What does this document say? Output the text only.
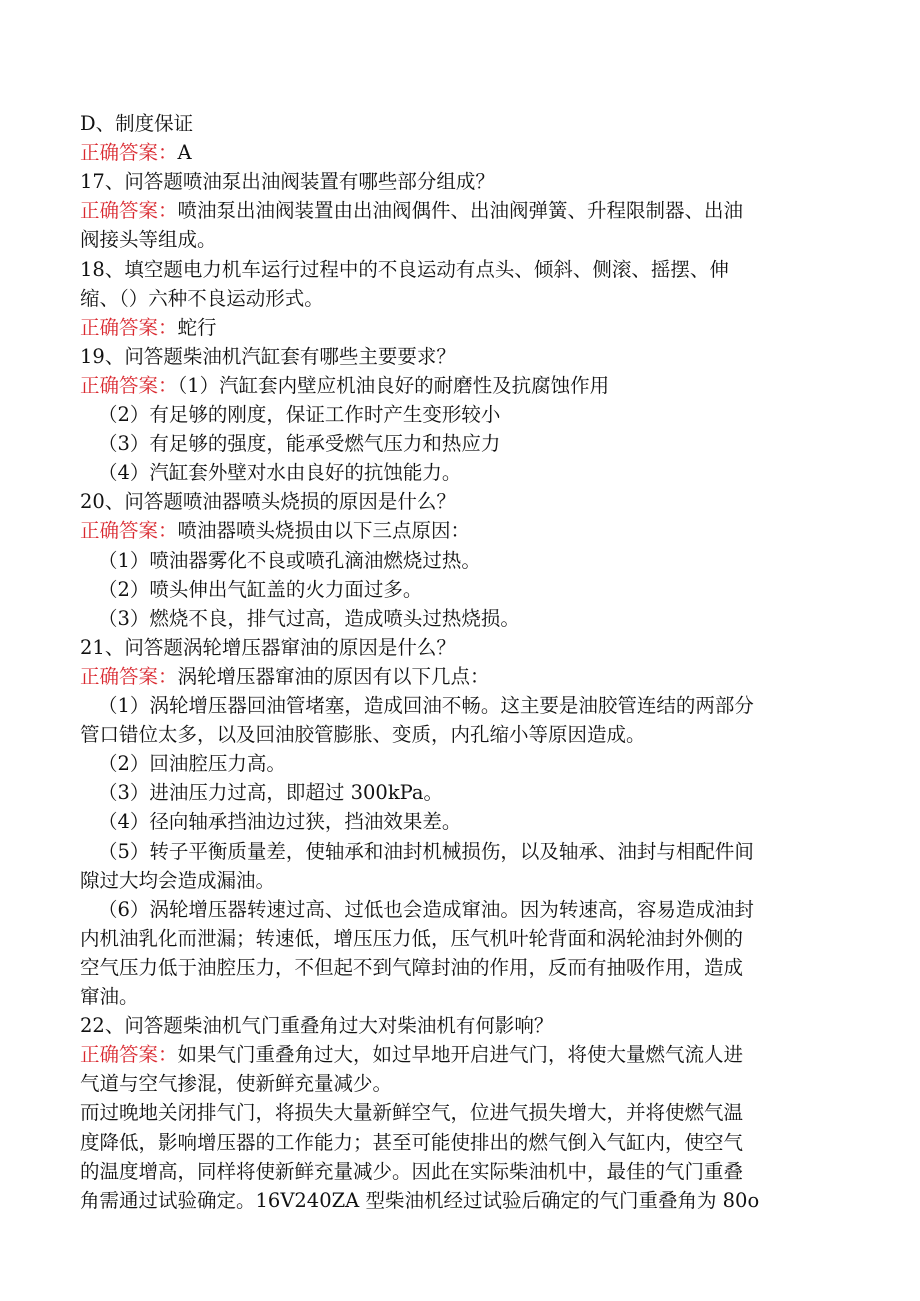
D、制度保证
正确答案：A
17、问答题喷油泵出油阀装置有哪些部分组成？
正确答案：喷油泵出油阀装置由出油阀偶件、出油阀弹簧、升程限制器、出油
阀接头等组成。
18、填空题电力机车运行过程中的不良运动有点头、倾斜、侧滚、摇摆、伸
缩、（）六种不良运动形式。
正确答案：蛇行
19、问答题柴油机汽缸套有哪些主要要求？
正确答案：（1）汽缸套内壁应机油良好的耐磨性及抗腐蚀作用
（2）有足够的刚度，保证工作时产生变形较小
（3）有足够的强度，能承受燃气压力和热应力
（4）汽缸套外壁对水由良好的抗蚀能力。
20、问答题喷油器喷头烧损的原因是什么？
正确答案：喷油器喷头烧损由以下三点原因：
（1）喷油器雾化不良或喷孔滴油燃烧过热。
（2）喷头伸出气缸盖的火力面过多。
（3）燃烧不良，排气过高，造成喷头过热烧损。
21、问答题涡轮增压器窜油的原因是什么？
正确答案：涡轮增压器窜油的原因有以下几点：
（1）涡轮增压器回油管堵塞，造成回油不畅。这主要是油胶管连结的两部分
管口错位太多，以及回油胶管膨胀、变质，内孔缩小等原因造成。
（2）回油腔压力高。
（3）进油压力过高，即超过 300kPa。
（4）径向轴承挡油边过狭，挡油效果差。
（5）转子平衡质量差，使轴承和油封机械损伤，以及轴承、油封与相配件间
隙过大均会造成漏油。
（6）涡轮增压器转速过高、过低也会造成窜油。因为转速高，容易造成油封
内机油乳化而泄漏；转速低，增压压力低，压气机叶轮背面和涡轮油封外侧的
空气压力低于油腔压力，不但起不到气障封油的作用，反而有抽吸作用，造成
窜油。
22、问答题柴油机气门重叠角过大对柴油机有何影响？
正确答案：如果气门重叠角过大，如过早地开启进气门，将使大量燃气流人进
气道与空气掺混，使新鲜充量减少。
而过晚地关闭排气门，将损失大量新鲜空气，位进气损失增大，并将使燃气温
度降低，影响增压器的工作能力；甚至可能使排出的燃气倒入气缸内，使空气
的温度增高，同样将使新鲜充量减少。因此在实际柴油机中，最佳的气门重叠
角需通过试验确定。16V240ZA 型柴油机经过试验后确定的气门重叠角为 80o
